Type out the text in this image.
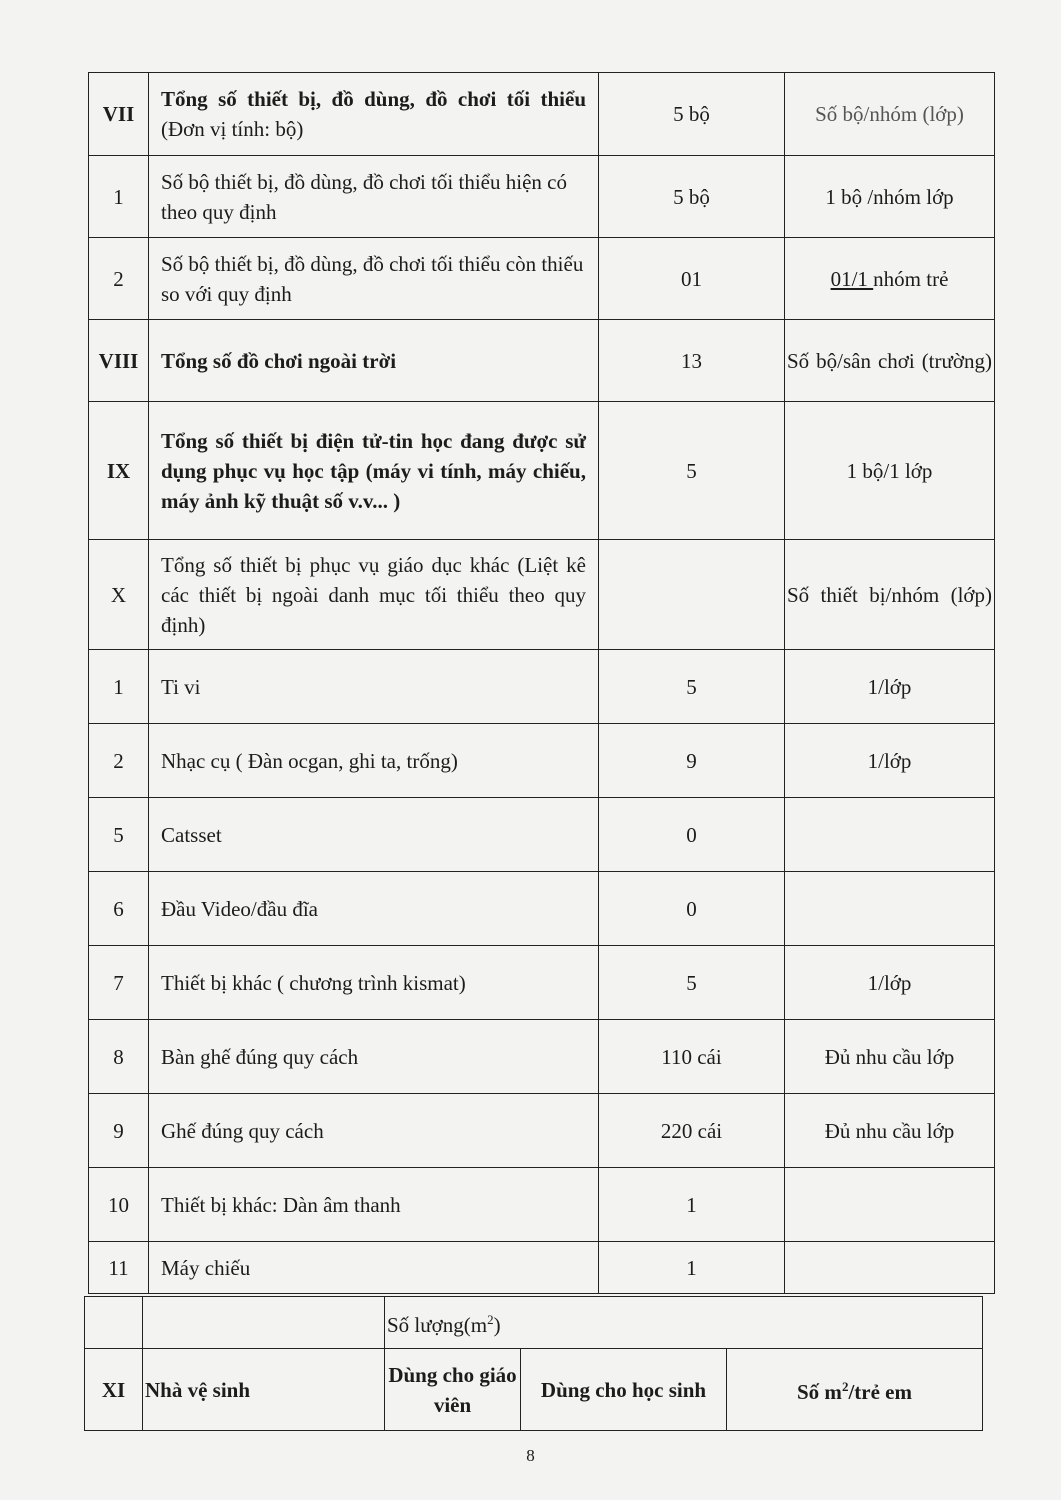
VII	Tổng số thiết bị, đồ dùng, đồ chơi tối thiểu (Đơn vị tính: bộ)	5 bộ	Số bộ/nhóm (lớp)
1	Số bộ thiết bị, đồ dùng, đồ chơi tối thiểu hiện có theo quy định	5 bộ	1 bộ /nhóm lớp
2	Số bộ thiết bị, đồ dùng, đồ chơi tối thiểu còn thiếu so với quy định	01	01/1 nhóm trẻ
VIII	Tổng số đồ chơi ngoài trời	13	Số bộ/sân chơi (trường)
IX	Tổng số thiết bị điện tử-tin học đang được sử dụng phục vụ học tập (máy vi tính, máy chiếu, máy ảnh kỹ thuật số v.v... )	5	1 bộ/1 lớp
X	Tổng số thiết bị phục vụ giáo dục khác (Liệt kê các thiết bị ngoài danh mục tối thiểu theo quy định)		Số thiết bị/nhóm (lớp)
1	Ti vi	5	1/lớp
2	Nhạc cụ ( Đàn ocgan, ghi ta, trống)	9	1/lớp
5	Catsset	0	
6	Đầu Video/đầu đĩa	0	
7	Thiết bị khác ( chương trình kismat)	5	1/lớp
8	Bàn ghế đúng quy cách	110 cái	Đủ nhu cầu lớp
9	Ghế đúng quy cách	220 cái	Đủ nhu cầu lớp
10	Thiết bị khác: Dàn âm thanh	1	
11	Máy chiếu	1	
		Số $lượng(m^2)$		
XI	Nhà vệ sinh	Dùng cho giáo viên	Dùng cho học sinh	Số $m^2$/trẻ em
8
